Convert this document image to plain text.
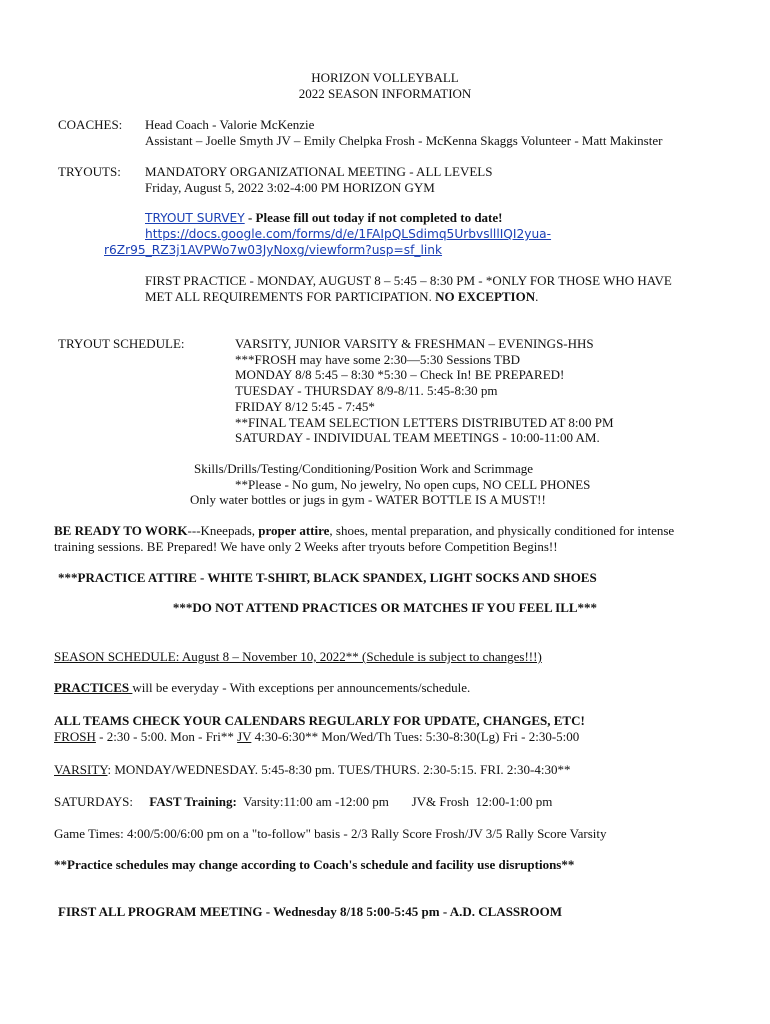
HORIZON VOLLEYBALL
2022 SEASON INFORMATION
COACHES: Head Coach - Valorie McKenzie
Assistant – Joelle Smyth JV – Emily Chelpka Frosh - McKenna Skaggs Volunteer - Matt Makinster
TRYOUTS: MANDATORY ORGANIZATIONAL MEETING - ALL LEVELS
Friday, August 5, 2022 3:02-4:00 PM HORIZON GYM
TRYOUT SURVEY - Please fill out today if not completed to date!
https://docs.google.com/forms/d/e/1FAIpQLSdimq5UrbvslllIQI2yua-
r6Zr95_RZ3j1AVPWo7w03JyNoxg/viewform?usp=sf_link
FIRST PRACTICE - MONDAY, AUGUST 8 – 5:45 – 8:30 PM - *ONLY FOR THOSE WHO HAVE
MET ALL REQUIREMENTS FOR PARTICIPATION. NO EXCEPTION.
TRYOUT SCHEDULE:	VARSITY, JUNIOR VARSITY & FRESHMAN – EVENINGS-HHS
***FROSH may have some 2:30—5:30 Sessions TBD
MONDAY 8/8 5:45 – 8:30 *5:30 – Check In! BE PREPARED!
TUESDAY - THURSDAY 8/9-8/11. 5:45-8:30 pm
FRIDAY 8/12 5:45 - 7:45*
**FINAL TEAM SELECTION LETTERS DISTRIBUTED AT 8:00 PM
SATURDAY - INDIVIDUAL TEAM MEETINGS - 10:00-11:00 AM.
Skills/Drills/Testing/Conditioning/Position Work and Scrimmage
**Please - No gum, No jewelry, No open cups, NO CELL PHONES
Only water bottles or jugs in gym - WATER BOTTLE IS A MUST!!
BE READY TO WORK---Kneepads, proper attire, shoes, mental preparation, and physically conditioned for intense
training sessions. BE Prepared! We have only 2 Weeks after tryouts before Competition Begins!!
***PRACTICE ATTIRE - WHITE T-SHIRT, BLACK SPANDEX, LIGHT SOCKS AND SHOES
***DO NOT ATTEND PRACTICES OR MATCHES IF YOU FEEL ILL***
SEASON SCHEDULE: August 8 – November 10, 2022** (Schedule is subject to changes!!!)
PRACTICES will be everyday - With exceptions per announcements/schedule.
ALL TEAMS CHECK YOUR CALENDARS REGULARLY FOR UPDATE, CHANGES, ETC!
FROSH - 2:30 - 5:00. Mon - Fri** JV 4:30-6:30** Mon/Wed/Th Tues: 5:30-8:30(Lg) Fri - 2:30-5:00
VARSITY: MONDAY/WEDNESDAY. 5:45-8:30 pm. TUES/THURS. 2:30-5:15. FRI. 2:30-4:30**
SATURDAYS:     FAST Training:  Varsity:11:00 am -12:00 pm       JV& Frosh  12:00-1:00 pm
Game Times: 4:00/5:00/6:00 pm on a "to-follow" basis - 2/3 Rally Score Frosh/JV 3/5 Rally Score Varsity
**Practice schedules may change according to Coach's schedule and facility use disruptions**
FIRST ALL PROGRAM MEETING - Wednesday 8/18 5:00-5:45 pm - A.D. CLASSROOM
